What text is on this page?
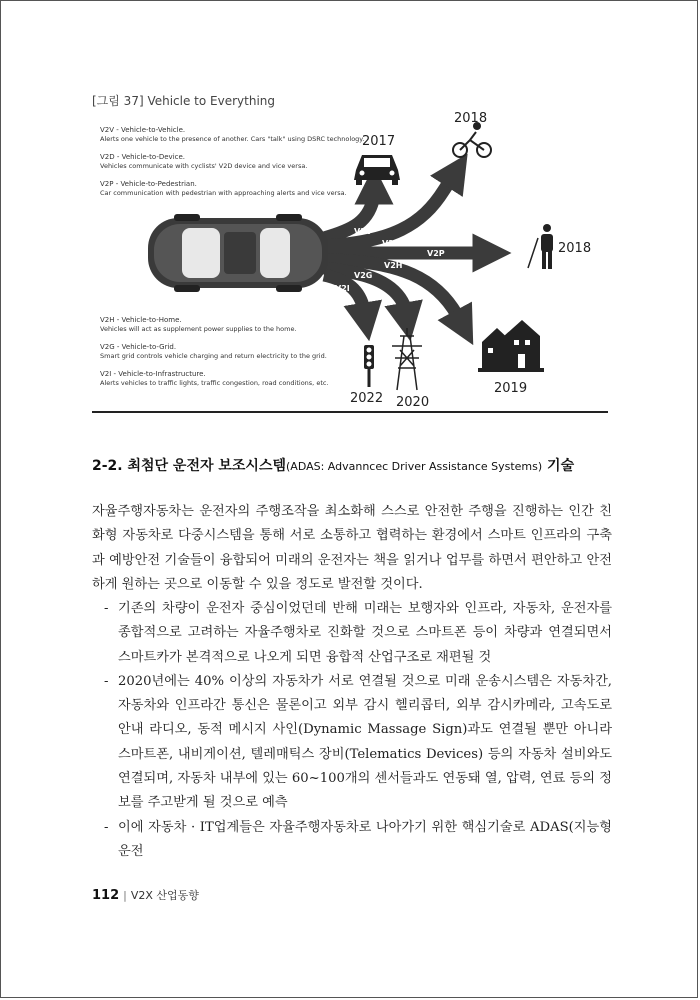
[그림 37] Vehicle to Everything
V2V - Vehicle-to-Vehicle.
Alerts one vehicle to the presence of another. Cars "talk" using DSRC technology.
V2D - Vehicle-to-Device.
Vehicles communicate with cyclists' V2D device and vice versa.
V2P - Vehicle-to-Pedestrian.
Car communication with pedestrian with approaching alerts and vice versa.
V2H - Vehicle-to-Home.
Vehicles will act as supplement power supplies to the home.
V2G - Vehicle-to-Grid.
Smart grid controls vehicle charging and return electricity to the grid.
V2I - Vehicle-to-Infrastructure.
Alerts vehicles to traffic lights, traffic congestion, road conditions, etc.
V2V
V2D
V2P
V2H
V2G
V2I
2017
2018
2018
2022 2020
2019
2-2. 최첨단 운전자 보조시스템(ADAS: Advanncec Driver Assistance Systems) 기술

자율주행자동차는 운전자의 주행조작을 최소화해 스스로 안전한 주행을 진행하는 인간 친화형 자동차로 다중시스템을 통해 서로 소통하고 협력하는 환경에서 스마트 인프라의 구축과 예방안전 기술들이 융합되어 미래의 운전자는 책을 읽거나 업무를 하면서 편안하고 안전하게 원하는 곳으로 이동할 수 있을 정도로 발전할 것이다.

- 기존의 차량이 운전자 중심이었던데 반해 미래는 보행자와 인프라, 자동차, 운전자를 종합적으로 고려하는 자율주행차로 진화할 것으로 스마트폰 등이 차량과 연결되면서 스마트카가 본격적으로 나오게 되면 융합적 산업구조로 재편될 것
- 2020년에는 40% 이상의 자동차가 서로 연결될 것으로 미래 운송시스템은 자동차간, 자동차와 인프라간 통신은 물론이고 외부 감시 헬리콥터, 외부 감시카메라, 고속도로 안내 라디오, 동적 메시지 사인(Dynamic Massage Sign)과도 연결될 뿐만 아니라 스마트폰, 내비게이션, 텔레매틱스 장비(Telematics Devices) 등의 자동차 설비와도 연결되며, 자동차 내부에 있는 60~100개의 센서들과도 연동돼 열, 압력, 연료 등의 정보를 주고받게 될 것으로 예측
- 이에 자동차 · IT업계들은 자율주행자동차로 나아가기 위한 핵심기술로 ADAS(지능형운전
112 | V2X 산업동향
